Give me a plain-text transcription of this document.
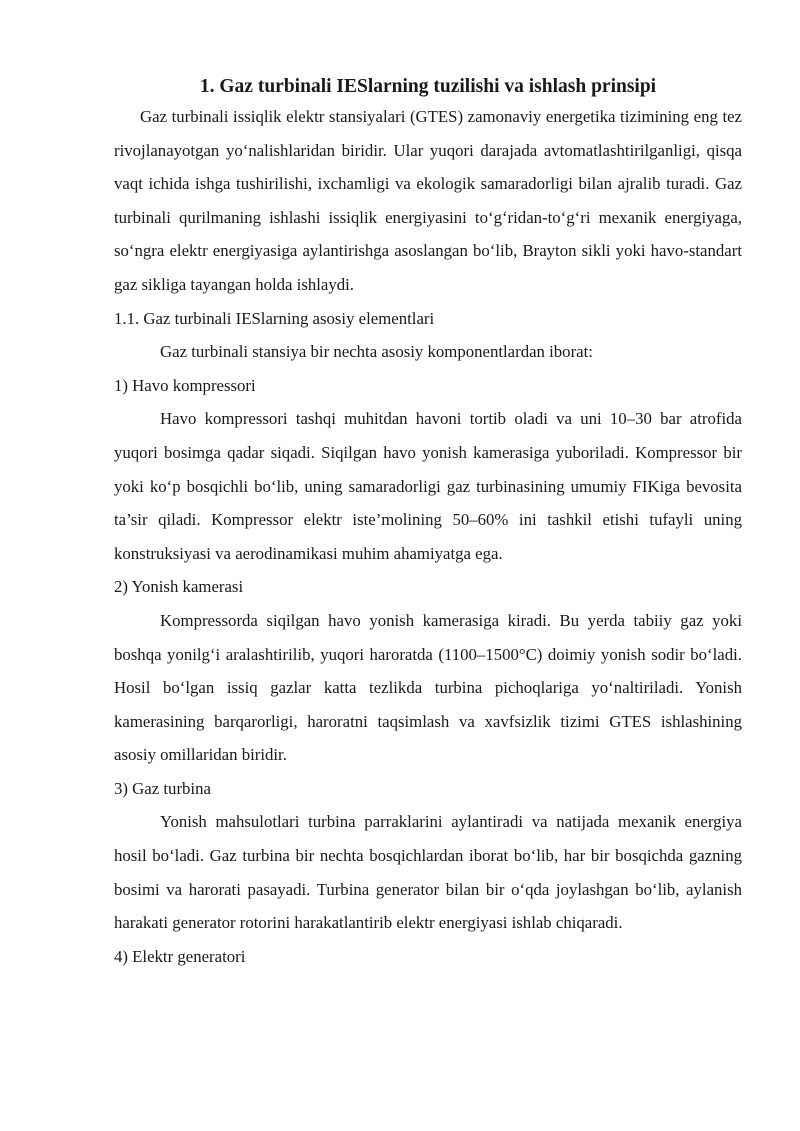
1. Gaz turbinali IESlarning tuzilishi va ishlash prinsipi

Gaz turbinali issiqlik elektr stansiyalari (GTES) zamonaviy energetika tizimining eng tez rivojlanayotgan yo‘nalishlaridan biridir. Ular yuqori darajada avtomatlashtirilganligi, qisqa vaqt ichida ishga tushirilishi, ixchamligi va ekologik samaradorligi bilan ajralib turadi. Gaz turbinali qurilmaning ishlashi issiqlik energiyasini to‘g‘ridan-to‘g‘ri mexanik energiyaga, so‘ngra elektr energiyasiga aylantirishga asoslangan bo‘lib, Brayton sikli yoki havo-standart gaz sikliga tayangan holda ishlaydi.

1.1. Gaz turbinali IESlarning asosiy elementlari

Gaz turbinali stansiya bir nechta asosiy komponentlardan iborat:

1) Havo kompressori

Havo kompressori tashqi muhitdan havoni tortib oladi va uni 10–30 bar atrofida yuqori bosimga qadar siqadi. Siqilgan havo yonish kamerasiga yuboriladi. Kompressor bir yoki ko‘p bosqichli bo‘lib, uning samaradorligi gaz turbinasining umumiy FIKiga bevosita ta’sir qiladi. Kompressor elektr iste’molining 50–60% ini tashkil etishi tufayli uning konstruksiyasi va aerodinamikasi muhim ahamiyatga ega.

2) Yonish kamerasi

Kompressorda siqilgan havo yonish kamerasiga kiradi. Bu yerda tabiiy gaz yoki boshqa yonilg‘i aralashtirilib, yuqori haroratda (1100–1500°C) doimiy yonish sodir bo‘ladi. Hosil bo‘lgan issiq gazlar katta tezlikda turbina pichoqlariga yo‘naltiriladi. Yonish kamerasining barqarorligi, haroratni taqsimlash va xavfsizlik tizimi GTES ishlashining asosiy omillaridan biridir.

3) Gaz turbina

Yonish mahsulotlari turbina parraklarini aylantiradi va natijada mexanik energiya hosil bo‘ladi. Gaz turbina bir nechta bosqichlardan iborat bo‘lib, har bir bosqichda gazning bosimi va harorati pasayadi. Turbina generator bilan bir o‘qda joylashgan bo‘lib, aylanish harakati generator rotorini harakatlantirib elektr energiyasi ishlab chiqaradi.

4) Elektr generatori
